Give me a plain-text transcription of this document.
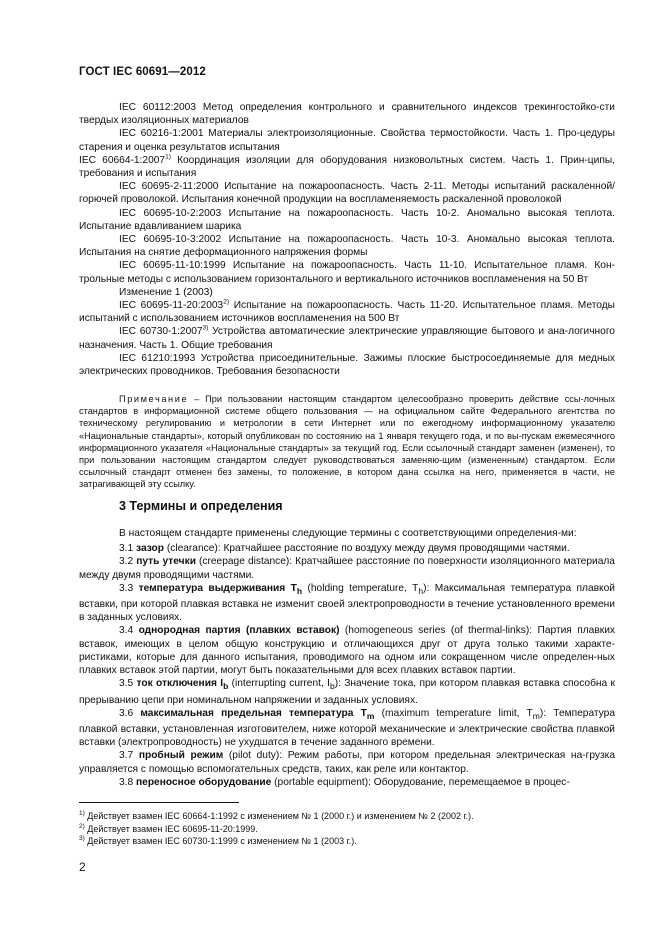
ГОСТ IEC 60691—2012

IEC 60112:2003 Метод определения контрольного и сравнительного индексов трекингостойко-сти твердых изоляционных материалов

IEC 60216-1:2001 Материалы электроизоляционные. Свойства термостойкости. Часть 1. Про-цедуры старения и оценка результатов испытания

IEC 60664-1:2007$^{1)}$ Координация изоляции для оборудования низковольтных систем. Часть 1. Прин-ципы, требования и испытания

IEC 60695-2-11:2000 Испытание на пожароопасность. Часть 2-11. Методы испытаний раскаленной/горючей проволокой. Испытания конечной продукции на воспламеняемость раскаленной проволокой

IEC 60695-10-2:2003 Испытание на пожароопасность. Часть 10-2. Аномально высокая теплота. Испытание вдавливанием шарика

IEC 60695-10-3:2002 Испытание на пожароопасность. Часть 10-3. Аномально высокая теплота. Испытания на снятие деформационного напряжения формы

IEC 60695-11-10:1999 Испытание на пожароопасность. Часть 11-10. Испытательное пламя. Кон-трольные методы с использованием горизонтального и вертикального источников воспламенения на 50 Вт

Изменение 1 (2003)

IEC 60695-11-20:2003$^{2)}$ Испытание на пожароопасность. Часть 11-20. Испытательное пламя. Методы испытаний с использованием источников воспламенения на 500 Вт

IEC 60730-1:2007$^{3)}$ Устройства автоматические электрические управляющие бытового и ана-логичного назначения. Часть 1. Общие требования

IEC 61210:1993 Устройства присоединительные. Зажимы плоские быстросоединяемые для медных электрических проводников. Требования безопасности

Примечание – При пользовании настоящим стандартом целесообразно проверить действие ссы-лочных стандартов в информационной системе общего пользования — на официальном сайте Федерального агентства по техническому регулированию и метрологии в сети Интернет или по ежегодному информационному указателю «Национальные стандарты», который опубликован по состоянию на 1 января текущего года, и по вы-пускам ежемесячного информационного указателя «Национальные стандарты» за текущий год. Если ссылочный стандарт заменен (изменен), то при пользовании настоящим стандартом следует руководствоваться заменяю-щим (измененным) стандартом. Если ссылочный стандарт отменен без замены, то положение, в котором дана ссылка на него, применяется в части, не затрагивающей эту ссылку.

3 Термины и определения

В настоящем стандарте применены следующие термины с соответствующими определения-ми:

3.1 зазор (clearance): Кратчайшее расстояние по воздуху между двумя проводящими частями.

3.2 путь утечки (creepage distance): Кратчайшее расстояние по поверхности изоляционного материала между двумя проводящими частями.

3.3 температура выдерживания $T_h$ (holding temperature, $T_h$): Максимальная температура плавкой вставки, при которой плавкая вставка не изменит своей электропроводности в течение установленного времени в заданных условиях.

3.4 однородная партия (плавких вставок) (homogeneous series (of thermal-links): Партия плавких вставок, имеющих в целом общую конструкцию и отличающихся друг от друга только такими характе-ристиками, которые для данного испытания, проводимого на одном или сокращенном числе определен-ных плавких вставок этой партии, могут быть показательными для всех плавких вставок партии.

3.5 ток отключения $I_b$ (interrupting current, $I_b$): Значение тока, при котором плавкая вставка способна к прерыванию цепи при номинальном напряжении и заданных условиях.

3.6 максимальная предельная температура $T_m$ (maximum temperature limit, $T_m$): Температура плавкой вставки, установленная изготовителем, ниже которой механические и электрические свойства плавкой вставки (электропроводность) не ухудшатся в течение заданного времени.

3.7 пробный режим (pilot duty): Режим работы, при котором предельная электрическая на-грузка управляется с помощью вспомогательных средств, таких, как реле или контактор.

3.8 переносное оборудование (portable equipment): Оборудование, перемещаемое в процес-

$^{1)}$ Действует взамен IEC 60664-1:1992 с изменением № 1 (2000 г.) и изменением № 2 (2002 г.).
$^{2)}$ Действует взамен IEC 60695-11-20:1999.
$^{3)}$ Действует взамен IEC 60730-1:1999 с изменением № 1 (2003 г.).
2
